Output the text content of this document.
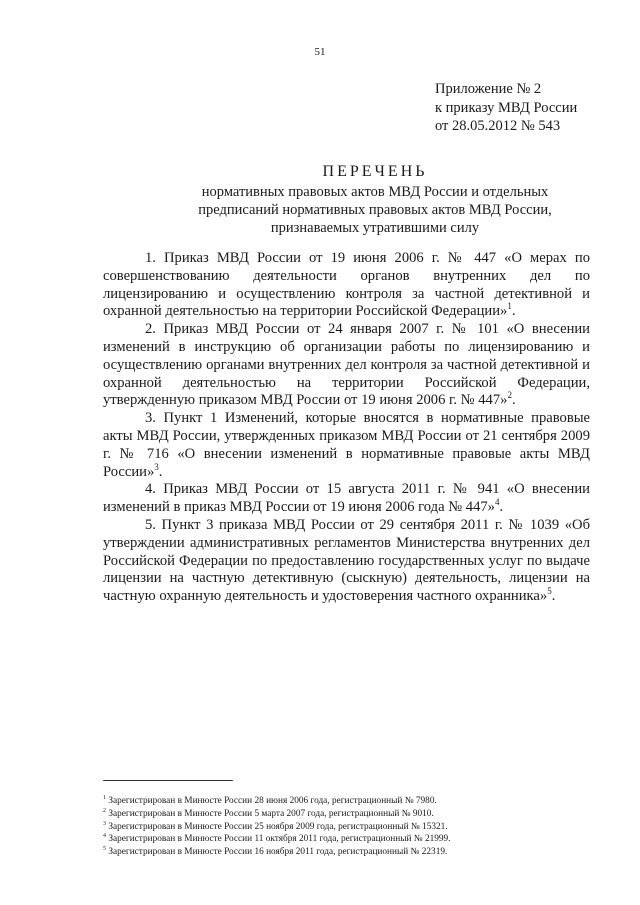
51
Приложение № 2
к приказу МВД России
от 28.05.2012 № 543
ПЕРЕЧЕНЬ
нормативных правовых актов МВД России и отдельных
предписаний нормативных правовых актов МВД России,
признаваемых утратившими силу

1. Приказ МВД России от 19 июня 2006 г. № 447 «О мерах по совершенствованию деятельности органов внутренних дел по лицензированию и осуществлению контроля за частной детективной и охранной деятельностью на территории Российской Федерации»$^1$.

2. Приказ МВД России от 24 января 2007 г. № 101 «О внесении изменений в инструкцию об организации работы по лицензированию и осуществлению органами внутренних дел контроля за частной детективной и охранной деятельностью на территории Российской Федерации, утвержденную приказом МВД России от 19 июня 2006 г. № 447»$^2$.

3. Пункт 1 Изменений, которые вносятся в нормативные правовые акты МВД России, утвержденных приказом МВД России от 21 сентября 2009 г. № 716 «О внесении изменений в нормативные правовые акты МВД России»$^3$.

4. Приказ МВД России от 15 августа 2011 г. № 941 «О внесении изменений в приказ МВД России от 19 июня 2006 года № 447»$^4$.

5. Пункт 3 приказа МВД России от 29 сентября 2011 г. № 1039 «Об утверждении административных регламентов Министерства внутренних дел Российской Федерации по предоставлению государственных услуг по выдаче лицензии на частную детективную (сыскную) деятельность, лицензии на частную охранную деятельность и удостоверения частного охранника»$^5$.

$^1$ Зарегистрирован в Минюсте России 28 июня 2006 года, регистрационный № 7980.
$^2$ Зарегистрирован в Минюсте России 5 марта 2007 года, регистрационный № 9010.
$^3$ Зарегистрирован в Минюсте России 25 ноября 2009 года, регистрационный № 15321.
$^4$ Зарегистрирован в Минюсте России 11 октября 2011 года, регистрационный № 21999.
$^5$ Зарегистрирован в Минюсте России 16 ноября 2011 года, регистрационный № 22319.
